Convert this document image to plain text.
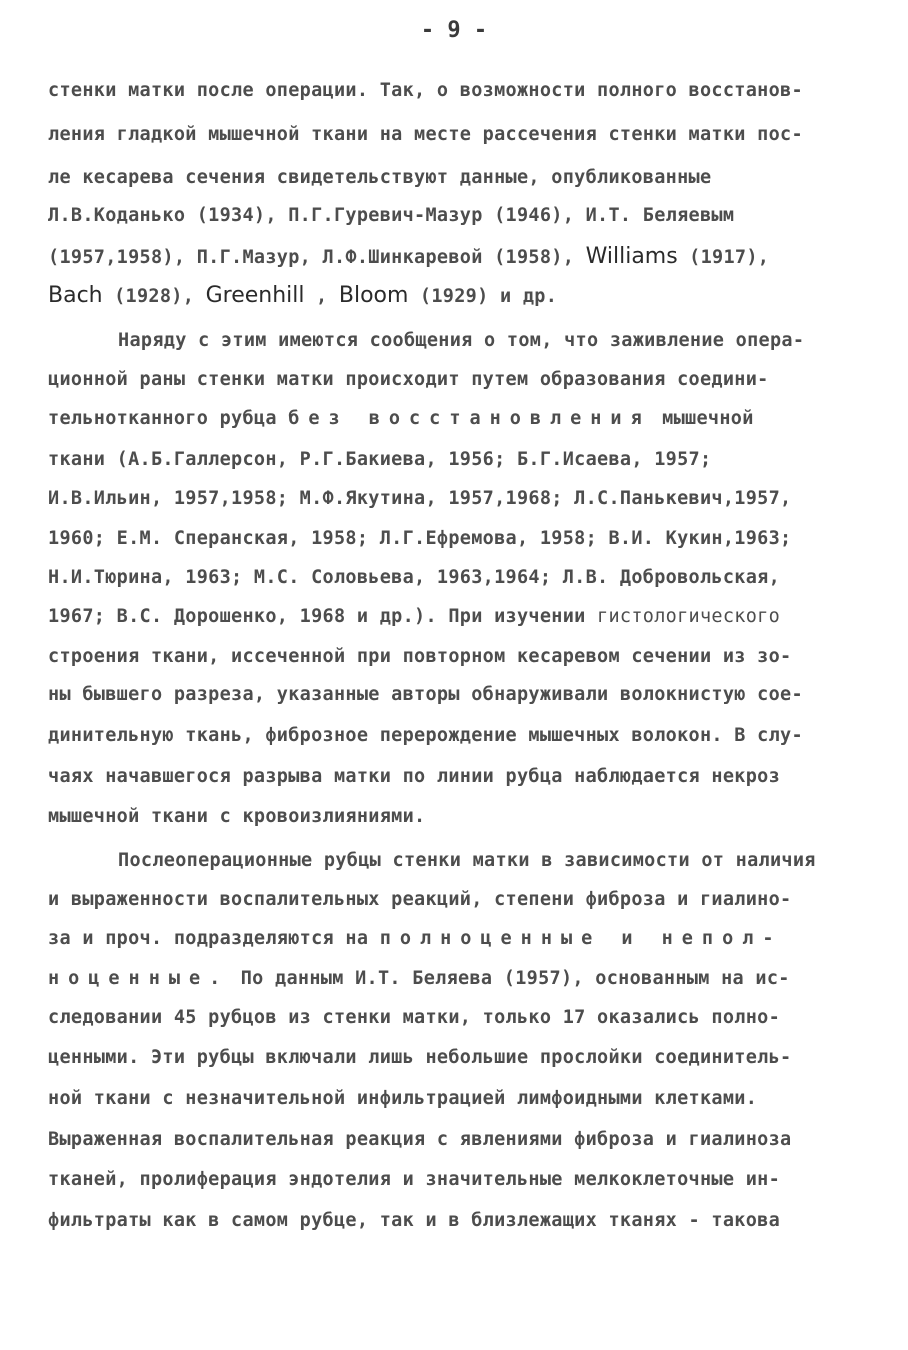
- 9 -
стенки матки после операции. Так, о возможности полного восстанов-
ления гладкой мышечной ткани на месте рассечения стенки матки пос-
ле кесарева сечения свидетельствуют данные, опубликованные
Л.В.Коданько (1934), П.Г.Гуревич-Мазур (1946), И.Т. Беляевым
(1957,1958), П.Г.Мазур, Л.Ф.Шинкаревой (1958), Williams (1917),
Bach (1928), Greenhill , Bloom (1929) и др.
Наряду с этим имеются сообщения о том, что заживление опера-
ционной раны стенки матки происходит путем образования соедини-
тельнотканного рубца без восстановления мышечной
ткани (А.Б.Галлерсон, Р.Г.Бакиева, 1956; Б.Г.Исаева, 1957;
И.В.Ильин, 1957,1958; М.Ф.Якутина, 1957,1968; Л.С.Панькевич,1957,
1960; Е.М. Сперанская, 1958; Л.Г.Ефремова, 1958; В.И. Кукин,1963;
Н.И.Тюрина, 1963; М.С. Соловьева, 1963,1964; Л.В. Добровольская,
1967; В.С. Дорошенко, 1968 и др.). При изучении гистологического
строения ткани, иссеченной при повторном кесаревом сечении из зо-
ны бывшего разреза, указанные авторы обнаруживали волокнистую сое-
динительную ткань, фиброзное перерождение мышечных волокон. В слу-
чаях начавшегося разрыва матки по линии рубца наблюдается некроз
мышечной ткани с кровоизлияниями.
Послеоперационные рубцы стенки матки в зависимости от наличия
и выраженности воспалительных реакций, степени фиброза и гиалино-
за и проч. подразделяются на полноценные и непол-
ноценные. По данным И.Т. Беляева (1957), основанным на ис-
следовании 45 рубцов из стенки матки, только 17 оказались полно-
ценными. Эти рубцы включали лишь небольшие прослойки соединитель-
ной ткани с незначительной инфильтрацией лимфоидными клетками.
Выраженная воспалительная реакция с явлениями фиброза и гиалиноза
тканей, пролиферация эндотелия и значительные мелкоклеточные ин-
фильтраты как в самом рубце, так и в близлежащих тканях - такова
